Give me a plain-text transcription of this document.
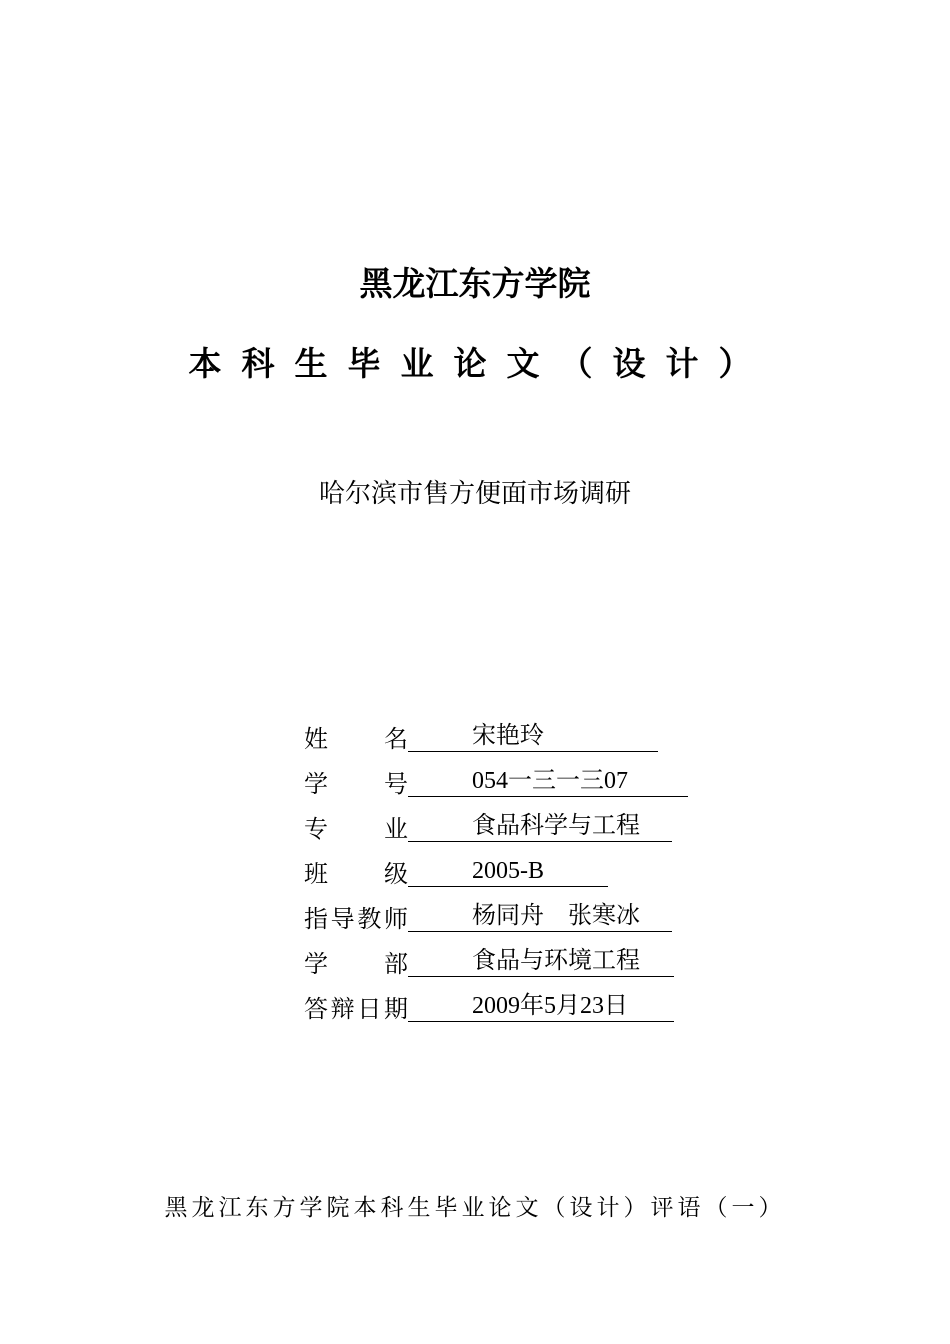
黑龙江东方学院
本科生毕业论文（设计）
哈尔滨市售方便面市场调研
姓名	宋艳玲
学号	054一三一三07
专业	食品科学与工程
班级	2005-B
指导教师	杨同舟　张寒冰
学部	食品与环境工程
答辩日期	2009年5月23日
黑龙江东方学院本科生毕业论文（设计）评语（一）
